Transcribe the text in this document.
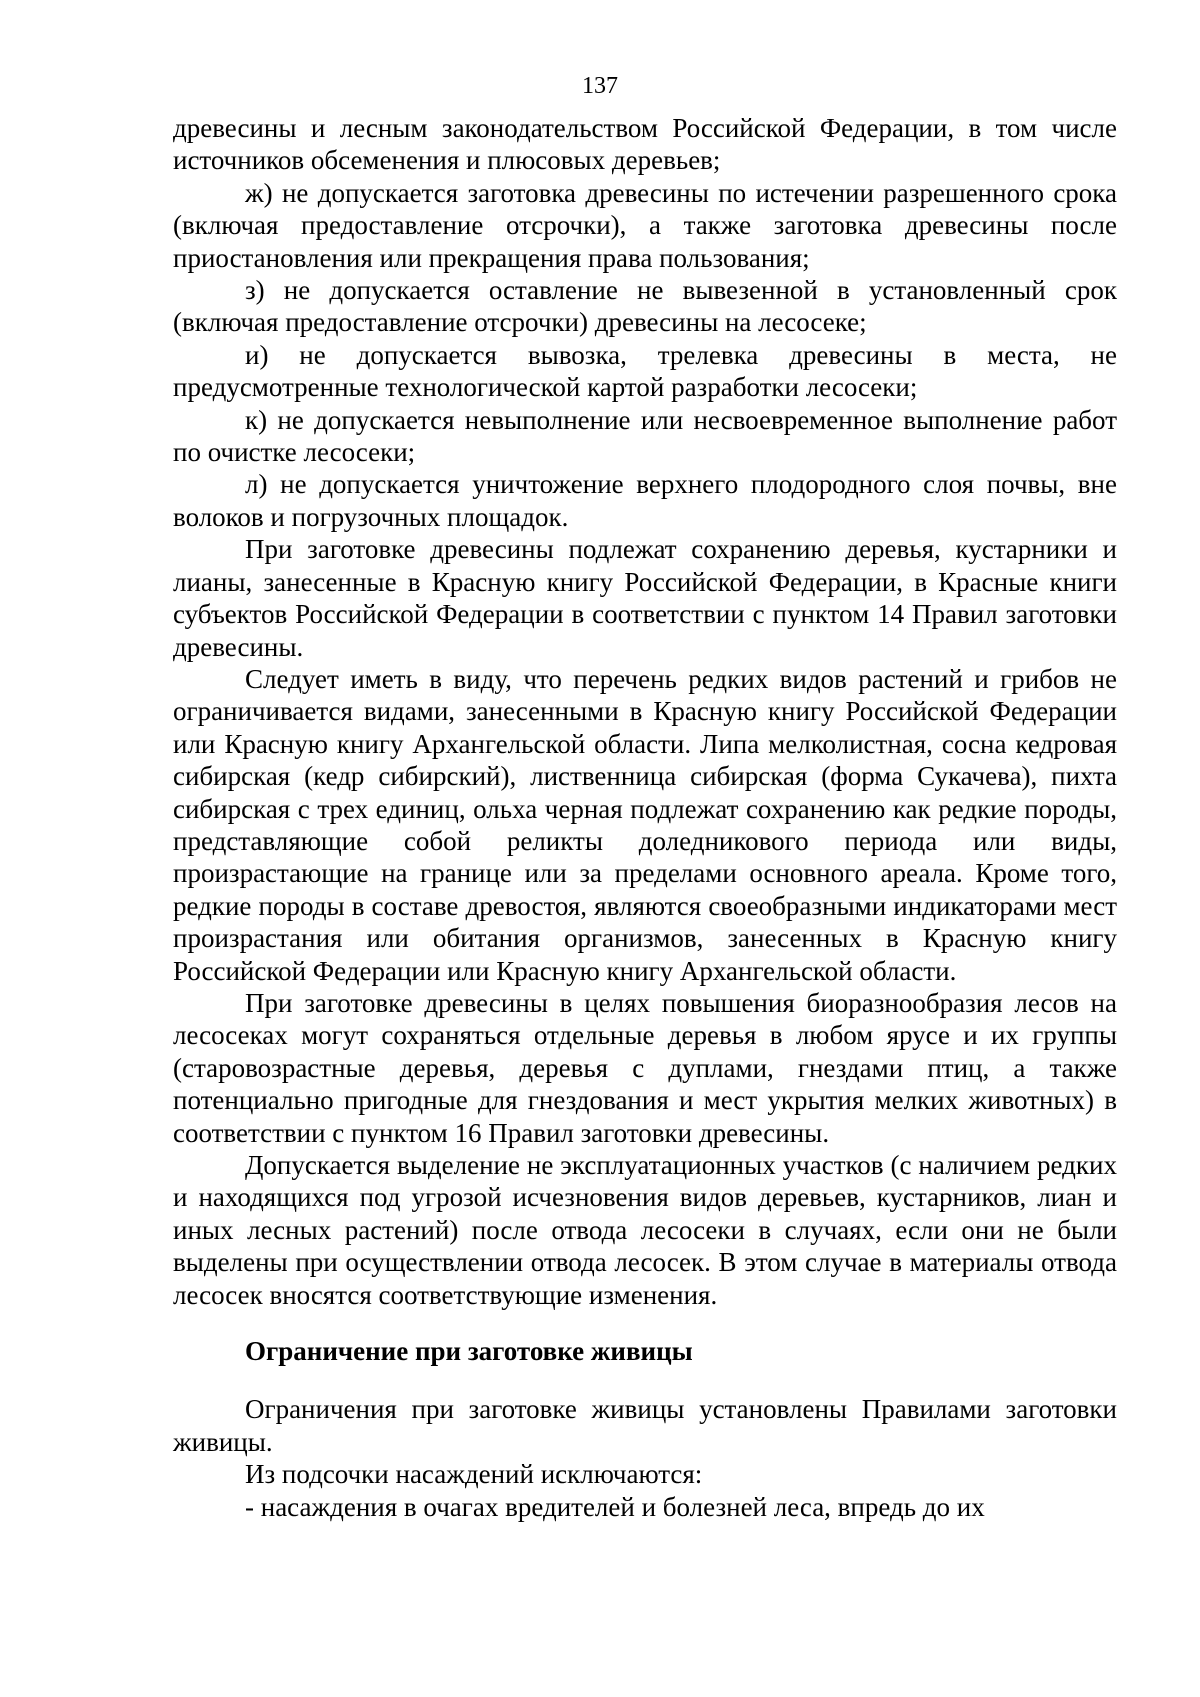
137

древесины и лесным законодательством Российской Федерации, в том числе источников обсеменения и плюсовых деревьев;

ж) не допускается заготовка древесины по истечении разрешенного срока (включая предоставление отсрочки), а также заготовка древесины после приостановления или прекращения права пользования;

з) не допускается оставление не вывезенной в установленный срок (включая предоставление отсрочки) древесины на лесосеке;

и) не допускается вывозка, трелевка древесины в места, не предусмотренные технологической картой разработки лесосеки;

к) не допускается невыполнение или несвоевременное выполнение работ по очистке лесосеки;

л) не допускается уничтожение верхнего плодородного слоя почвы, вне волоков и погрузочных площадок.

При заготовке древесины подлежат сохранению деревья, кустарники и лианы, занесенные в Красную книгу Российской Федерации, в Красные книги субъектов Российской Федерации в соответствии с пунктом 14 Правил заготовки древесины.

Следует иметь в виду, что перечень редких видов растений и грибов не ограничивается видами, занесенными в Красную книгу Российской Федерации или Красную книгу Архангельской области. Липа мелколистная, сосна кедровая сибирская (кедр сибирский), лиственница сибирская (форма Сукачева), пихта сибирская с трех единиц, ольха черная подлежат сохранению как редкие породы, представляющие собой реликты доледникового периода или виды, произрастающие на границе или за пределами основного ареала. Кроме того, редкие породы в составе древостоя, являются своеобразными индикаторами мест произрастания или обитания организмов, занесенных в Красную книгу Российской Федерации или Красную книгу Архангельской области.

При заготовке древесины в целях повышения биоразнообразия лесов на лесосеках могут сохраняться отдельные деревья в любом ярусе и их группы (старовозрастные деревья, деревья с дуплами, гнездами птиц, а также потенциально пригодные для гнездования и мест укрытия мелких животных) в соответствии с пунктом 16 Правил заготовки древесины.

Допускается выделение не эксплуатационных участков (с наличием редких и находящихся под угрозой исчезновения видов деревьев, кустарников, лиан и иных лесных растений) после отвода лесосеки в случаях, если они не были выделены при осуществлении отвода лесосек. В этом случае в материалы отвода лесосек вносятся соответствующие изменения.

Ограничение при заготовке живицы

Ограничения при заготовке живицы установлены Правилами заготовки живицы.

Из подсочки насаждений исключаются:

- насаждения в очагах вредителей и болезней леса, впредь до их
